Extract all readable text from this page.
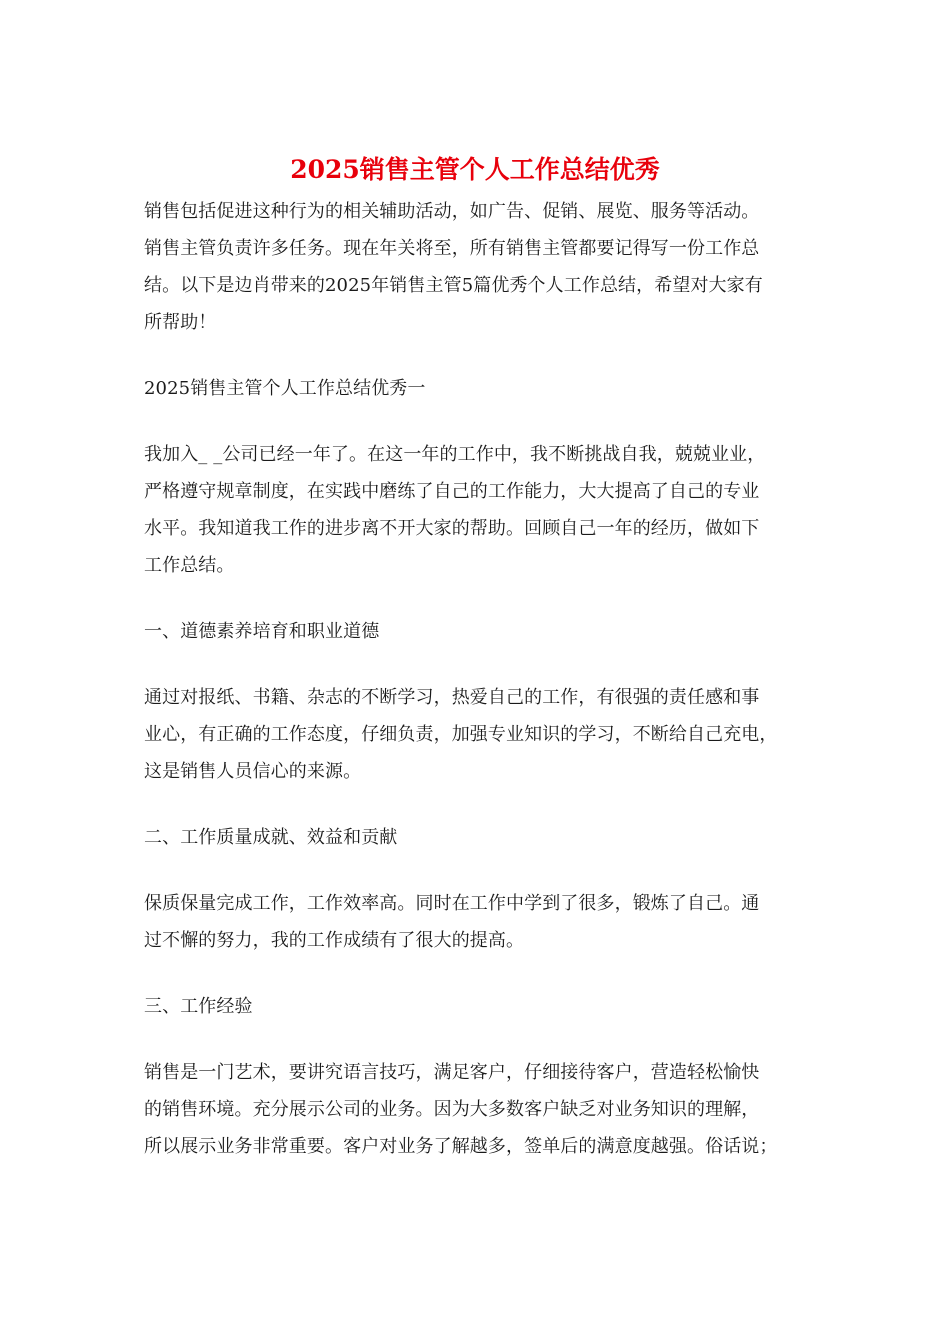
2025销售主管个人工作总结优秀

销售包括促进这种行为的相关辅助活动，如广告、促销、展览、服务等活动。

销售主管负责许多任务。现在年关将至，所有销售主管都要记得写一份工作总

结。以下是边肖带来的2025年销售主管5篇优秀个人工作总结，希望对大家有

所帮助！

2025销售主管个人工作总结优秀一

我加入_ _公司已经一年了。在这一年的工作中，我不断挑战自我，兢兢业业，

严格遵守规章制度，在实践中磨练了自己的工作能力，大大提高了自己的专业

水平。我知道我工作的进步离不开大家的帮助。回顾自己一年的经历，做如下

工作总结。

一、道德素养培育和职业道德

通过对报纸、书籍、杂志的不断学习，热爱自己的工作，有很强的责任感和事

业心，有正确的工作态度，仔细负责，加强专业知识的学习，不断给自己充电，

这是销售人员信心的来源。

二、工作质量成就、效益和贡献

保质保量完成工作，工作效率高。同时在工作中学到了很多，锻炼了自己。通

过不懈的努力，我的工作成绩有了很大的提高。

三、工作经验

销售是一门艺术，要讲究语言技巧，满足客户，仔细接待客户，营造轻松愉快

的销售环境。充分展示公司的业务。因为大多数客户缺乏对业务知识的理解，

所以展示业务非常重要。客户对业务了解越多，签单后的满意度越强。俗话说；
